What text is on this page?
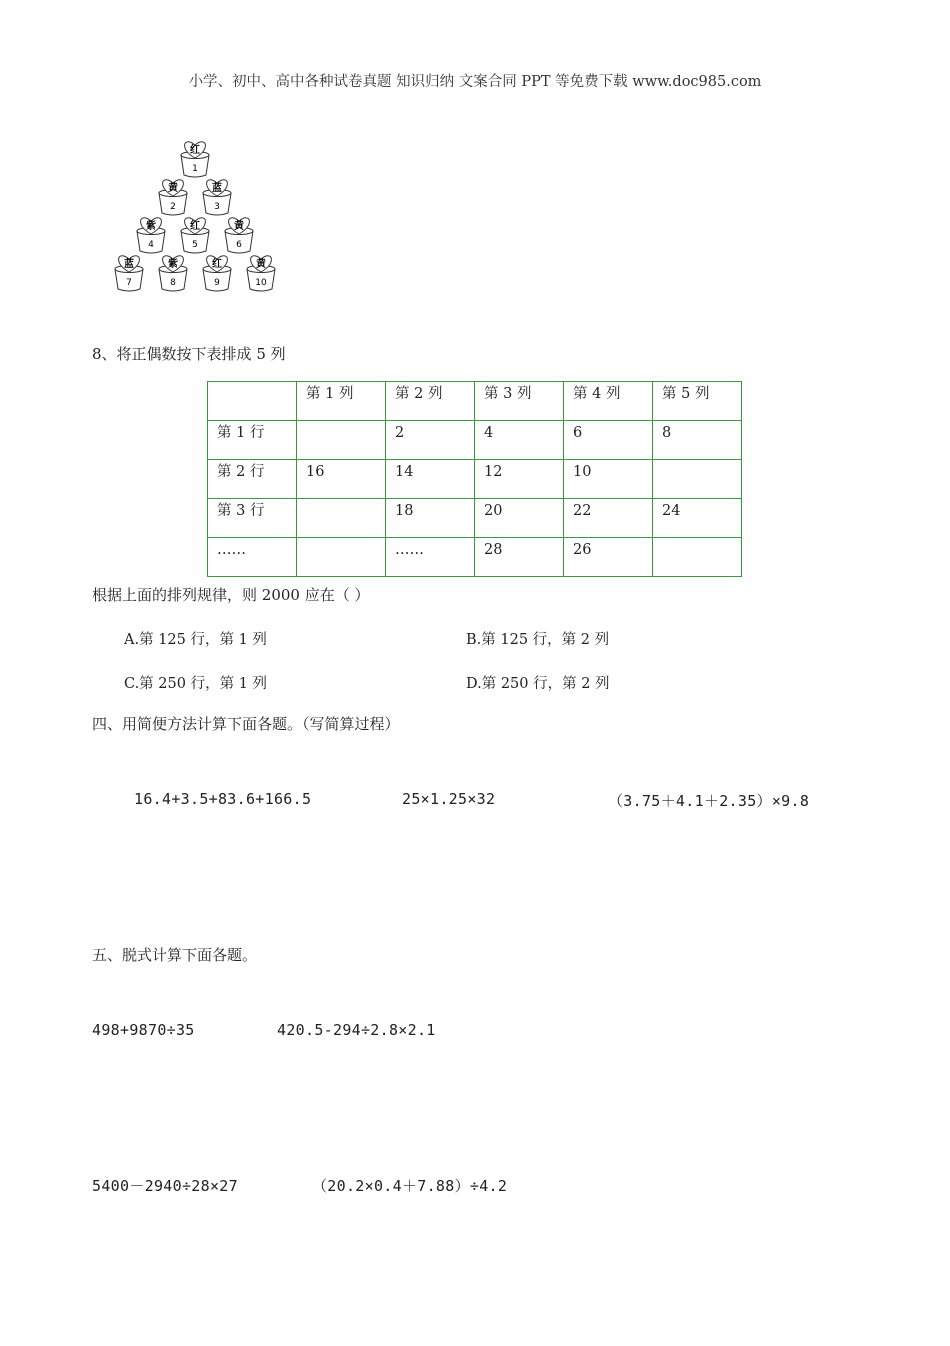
小学、初中、高中各种试卷真题 知识归纳 文案合同 PPT 等免费下载 www.doc985.com
红
1
黄
2
蓝
3
紫
4
红
5
黄
6
蓝
7
紫
8
红
9
黄
10
8、将正偶数按下表排成 5 列
	第 1 列	第 2 列	第 3 列	第 4 列	第 5 列
第 1 行		2	4	6	8
第 2 行	16	14	12	10	
第 3 行		18	20	22	24
……		……	28	26	
根据上面的排列规律，则 2000 应在（ ）
A.第 125 行，第 1 列	B.第 125 行，第 2 列
C.第 250 行，第 1 列	D.第 250 行，第 2 列
四、用简便方法计算下面各题。（写简算过程）
16.4+3.5+83.6+166.5	25×1.25×32	（3.75＋4.1＋2.35）×9.8
五、脱式计算下面各题。
498+9870÷35	420.5-294÷2.8×2.1
5400－2940÷28×27	（20.2×0.4＋7.88）÷4.2
